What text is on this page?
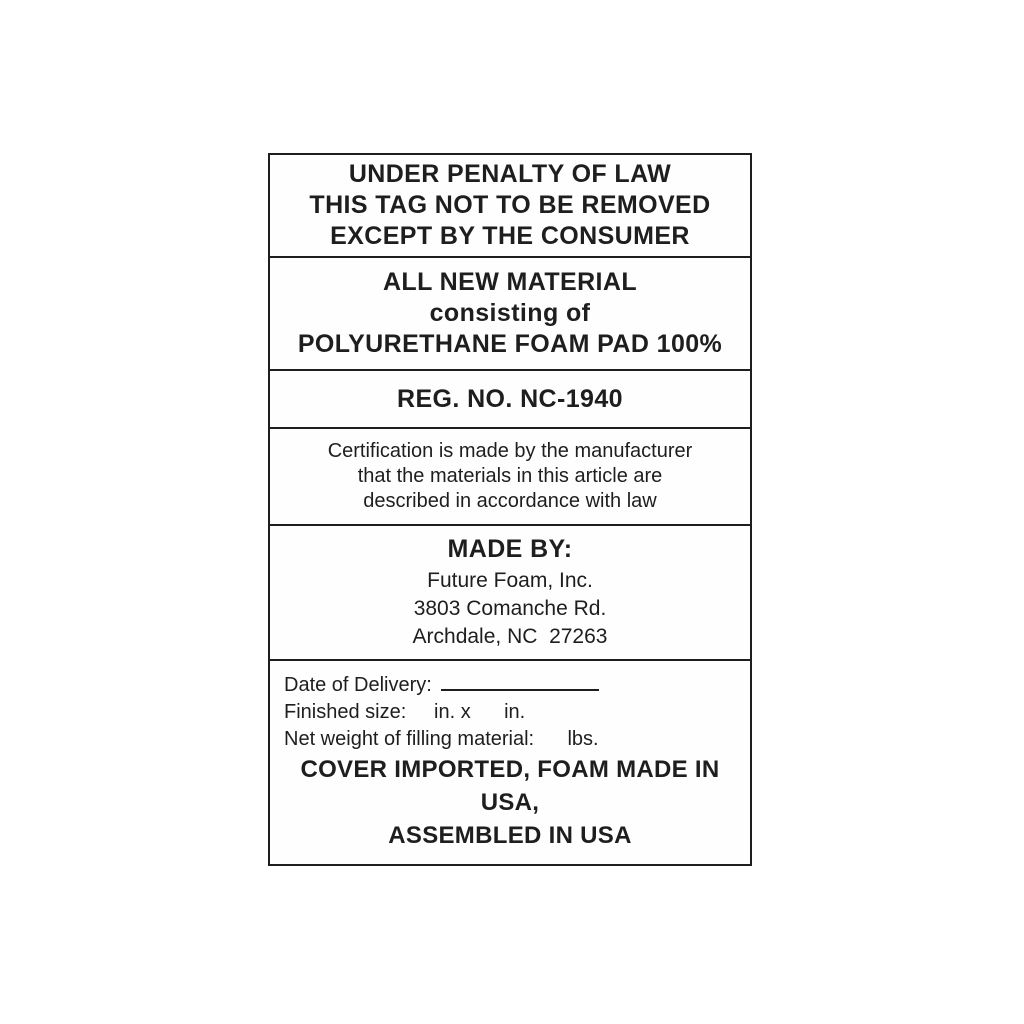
UNDER PENALTY OF LAW
THIS TAG NOT TO BE REMOVED
EXCEPT BY THE CONSUMER
ALL NEW MATERIAL
consisting of
POLYURETHANE FOAM PAD 100%
REG. NO. NC-1940
Certification is made by the manufacturer
that the materials in this article are
described in accordance with law
MADE BY:
Future Foam, Inc.
3803 Comanche Rd.
Archdale, NC  27263
Date of Delivery:
Finished size:     in. x      in.
Net weight of filling material:      lbs.
COVER IMPORTED, FOAM MADE IN USA,
ASSEMBLED IN USA
